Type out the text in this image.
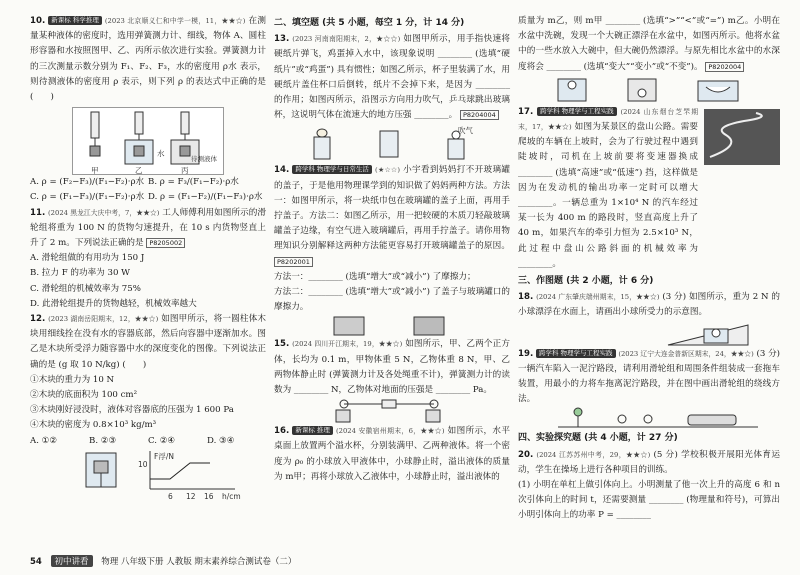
10. 新课标 科学推理 (2023 北京顺义仁和中学一模，11，★★☆) 在测量某种液体的密度时，选用弹簧测力计、细线，物体 A、圆柱形容器和水按照图甲、乙、丙所示依次进行实验。弹簧测力计的三次测量示数分别为 F₁、F₂、F₃，水的密度用 ρ水 表示，则待测液体的密度用 ρ 表示，则下列 ρ 的表达式中正确的是 (　　)

水
待测液体
甲	乙	丙

A. ρ = (F₂−F₃)/(F₁−F₂)·ρ水 B. ρ = F₃/(F₁−F₂)·ρ水

C. ρ = (F₁−F₃)/(F₁−F₂)·ρ水 D. ρ = (F₁−F₂)/(F₁−F₃)·ρ水

11. (2024 黑龙江大庆中考，7，★★☆) 工人师傅利用如图所示的滑轮组将重为 100 N 的货物匀速提升，在 10 s 内货物竖直上升了 2 m。下列说法正确的是 P8205002

A. 滑轮组做的有用功为 150 J

B. 拉力 F 的功率为 30 W

C. 滑轮组的机械效率为 75%

D. 此滑轮组提升的货物越轻，机械效率越大

12. (2023 湖南岳阳期末，12，★★☆) 如图甲所示，将一圆柱体木块用细线拴在没有水的容器底部，然后向容器中逐渐加水。图乙是木块所受浮力随容器中水的深度变化的图像。下列说法正确的是 (g 取 10 N/kg) (　　)

①木块的重力为 10 N

②木块的底面积为 100 cm²

③木块刚好浸没时，液体对容器底的压强为 1 600 Pa

④木块的密度为 0.8×10³ kg/m³

A. ①②	B. ②③	C. ②④	D. ③④

F浮/N
10
6 12 16 h/cm

二、填空题 (共 5 小题，每空 1 分，计 14 分)

13. (2023 河南南阳期末，2，★☆☆) 如图甲所示，用手指快速将硬纸片弹飞，鸡蛋掉入水中，该现象说明 ________ (选填“硬纸片”或“鸡蛋”) 具有惯性；如图乙所示，杯子里装满了水，用硬纸片盖住杯口后倒转，纸片不会掉下来，是因为 ________ 的作用；如图丙所示，沿图示方向用力吹气，乒乓球跳出玻璃杯，这说明气体在流速大的地方压强 ________。 P8204004

吹气

14. 跨学科 物理学与日常生活 (★☆☆) 小宇看到妈妈打不开玻璃罐的盖子，于是他用物理课学到的知识做了妈妈两种方法。方法一：如图甲所示，将一块纸巾包在玻璃罐的盖子上面，再用手拧盖子。方法二：如图乙所示，用一把较硬的木质刀轻敲玻璃罐盖子边缘，有空气进入玻璃罐后，再用手拧盖子。请你用物理知识分别解释这两种方法能更容易打开玻璃罐盖子的原因。 P8202001

方法一：________ (选填“增大”或“减小”) 了摩擦力；

方法二：________ (选填“增大”或“减小”) 了盖子与玻璃罐口的摩擦力。

15. (2024 四川开江期末，19，★★☆) 如图所示，甲、乙两个正方体，长均为 0.1 m，甲物体重 5 N，乙物体重 8 N，甲、乙两物体静止时 (弹簧测力计及各处绳重不计)，弹簧测力计的读数为 ________ N，乙物体对地面的压强是 ________ Pa。

16. 新课标 推理 (2024 安徽宿州期末，6，★★☆) 如图所示，水平桌面上放置两个溢水杯，分别装满甲、乙两种液体。将一个密度为 ρ₀ 的小球放入甲液体中，小球静止时，溢出液体的质量为 m甲；再将小球放入乙液体中，小球静止时，溢出液体的

质量为 m乙，则 m甲 ________ (选填“>”“<”或“=”) m乙。小明在水盆中洗碗，发现一个大碗正漂浮在水盆中，如图丙所示。他将水盆中的一些水放入大碗中，但大碗仍然漂浮。与原先相比水盆中的水深度将会 ________ (选填“变大”“变小”或“不变”)。 P8202004

17. 跨学科 物理学与工程实践 (2024 山东烟台芝罘期末，17，★★☆) 如图为某景区的盘山公路。需要爬坡的车辆在上坡时，会为了行驶过程中遇到陡坡时，司机在上坡前要将变速器换成 ________ (选填“高速”或“低速”) 挡，这样做是因为在发动机的输出功率一定时可以增大 ________。一辆总重为 1×10⁴ N 的汽车经过某一长为 400 m 的路段时，竖直高度上升了 40 m，如果汽车的牵引力恒为 2.5×10³ N，此过程中盘山公路斜面的机械效率为 ________。

三、作图题 (共 2 小题，计 6 分)

18. (2024 广东肇庆端州期末，15，★★☆) (3 分) 如图所示，重为 2 N 的小球漂浮在水面上，请画出小球所受力的示意图。

19. 跨学科 物理学与工程实践 (2023 辽宁大连金普新区期末，24，★★☆) (3 分) 一辆汽车陷入一泥泞路段，请利用滑轮组和周围条件组装成一套拖车装置，用最小的力将车拖离泥泞路段，并在图中画出滑轮组的绕线方法。

四、实验探究题 (共 4 小题，计 27 分)

20. (2024 江苏苏州中考，29，★★☆) (5 分) 学校积极开展阳光体育运动，学生在操场上进行各种项目的训练。

(1) 小明在单杠上做引体向上。小明测量了他一次上升的高度 6 和 n 次引体向上的时间 t，还需要测量 ________ (物理量和符号)，可算出小明引体向上的功率 P = ________

54 初中讲看 物理 八年级下册 人教版 期末素养综合测试卷（二）
